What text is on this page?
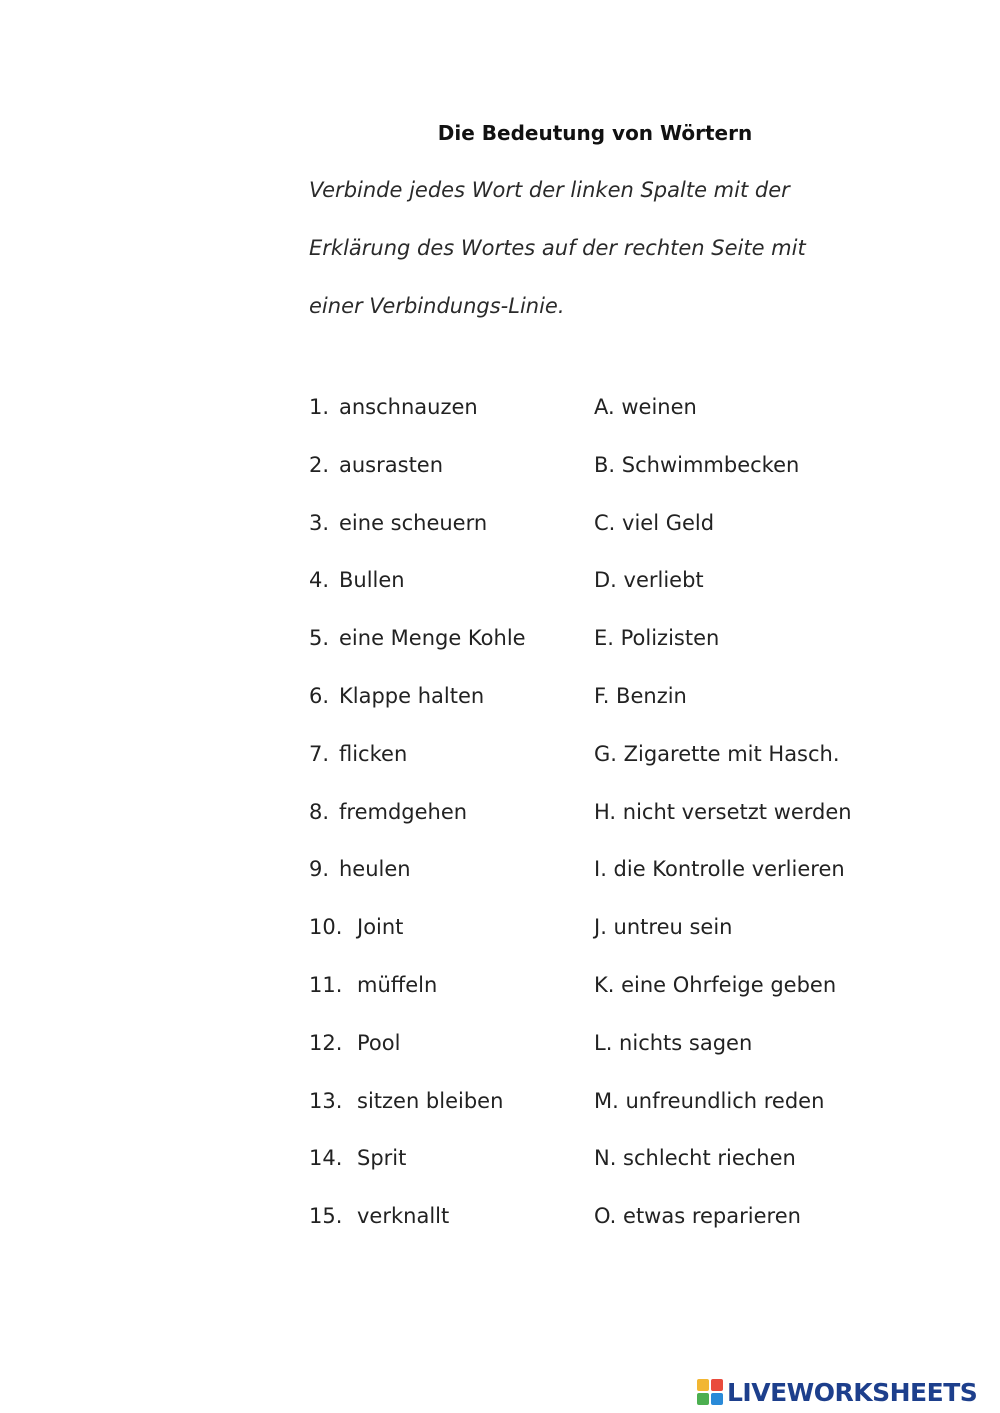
Die Bedeutung von Wörtern
Verbinde jedes Wort der linken Spalte mit der
Erklärung des Wortes auf der rechten Seite mit
einer Verbindungs-Linie.
1. anschnauzen	A. weinen
2. ausrasten	B. Schwimmbecken
3. eine scheuern	C. viel Geld
4. Bullen	D. verliebt
5. eine Menge Kohle	E. Polizisten
6. Klappe halten	F. Benzin
7. flicken	G. Zigarette mit Hasch.
8. fremdgehen	H. nicht versetzt werden
9. heulen	I. die Kontrolle verlieren
10. Joint	J. untreu sein
11. müffeln	K. eine Ohrfeige geben
12. Pool	L. nichts sagen
13. sitzen bleiben	M. unfreundlich reden
14. Sprit	N. schlecht riechen
15. verknallt	O. etwas reparieren
LIVEWORKSHEETS
